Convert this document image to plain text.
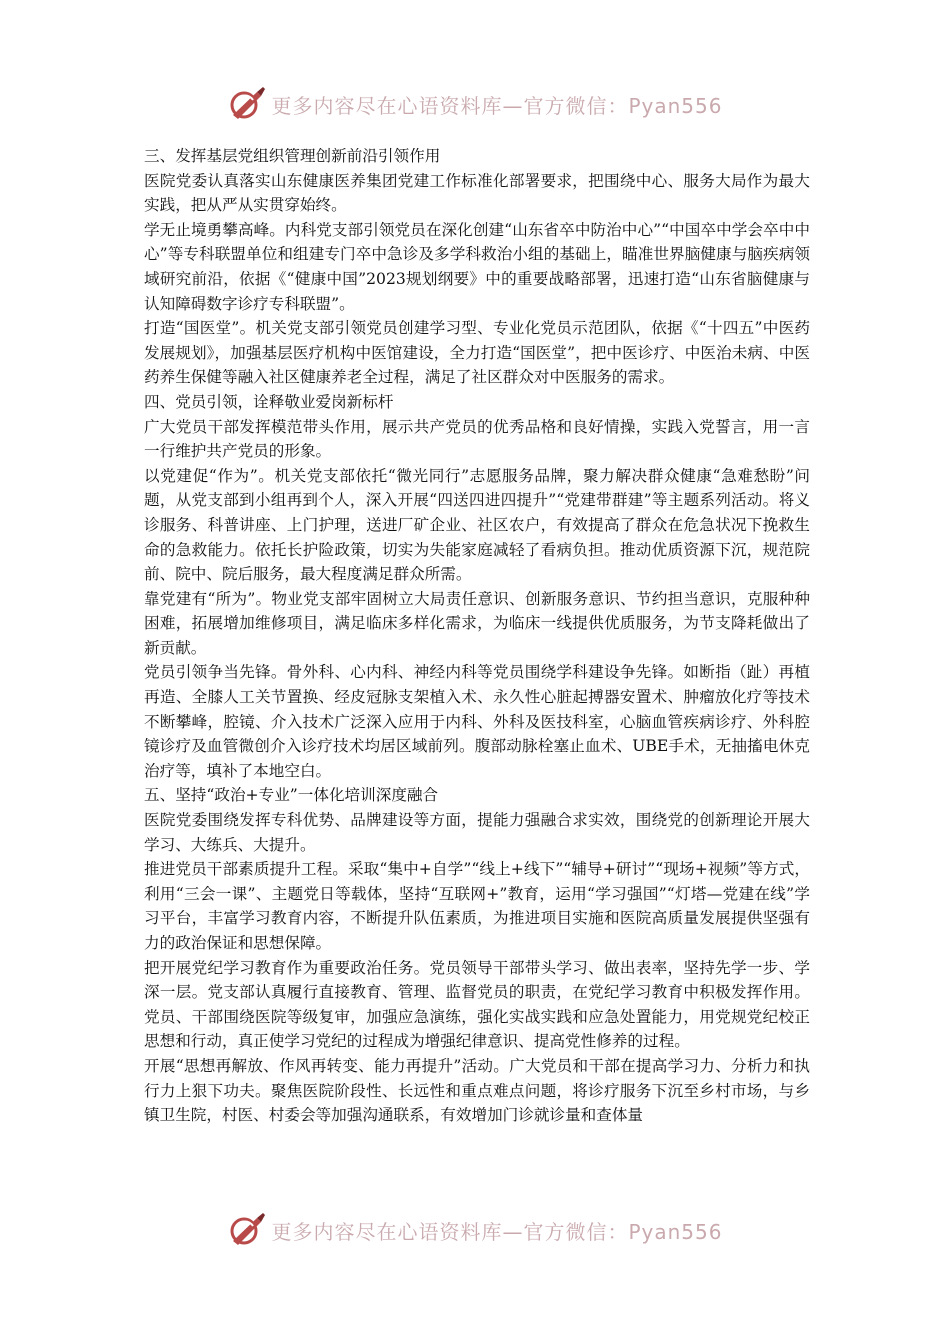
更多内容尽在心语资料库—官方微信：Pyan556

三、发挥基层党组织管理创新前沿引领作用

医院党委认真落实山东健康医养集团党建工作标准化部署要求，把围绕中心、服务大局作为最大实践，把从严从实贯穿始终。

学无止境勇攀高峰。内科党支部引领党员在深化创建“山东省卒中防治中心”“中国卒中学会卒中中心”等专科联盟单位和组建专门卒中急诊及多学科救治小组的基础上，瞄准世界脑健康与脑疾病领域研究前沿，依据《“健康中国”2023规划纲要》中的重要战略部署，迅速打造“山东省脑健康与认知障碍数字诊疗专科联盟”。

打造“国医堂”。机关党支部引领党员创建学习型、专业化党员示范团队，依据《“十四五”中医药发展规划》，加强基层医疗机构中医馆建设，全力打造“国医堂”，把中医诊疗、中医治未病、中医药养生保健等融入社区健康养老全过程，满足了社区群众对中医服务的需求。

四、党员引领，诠释敬业爱岗新标杆

广大党员干部发挥模范带头作用，展示共产党员的优秀品格和良好情操，实践入党誓言，用一言一行维护共产党员的形象。

以党建促“作为”。机关党支部依托“微光同行”志愿服务品牌，聚力解决群众健康“急难愁盼”问题，从党支部到小组再到个人，深入开展“四送四进四提升”“党建带群建”等主题系列活动。将义诊服务、科普讲座、上门护理，送进厂矿企业、社区农户，有效提高了群众在危急状况下挽救生命的急救能力。依托长护险政策，切实为失能家庭减轻了看病负担。推动优质资源下沉，规范院前、院中、院后服务，最大程度满足群众所需。

靠党建有“所为”。物业党支部牢固树立大局责任意识、创新服务意识、节约担当意识，克服种种困难，拓展增加维修项目，满足临床多样化需求，为临床一线提供优质服务，为节支降耗做出了新贡献。

党员引领争当先锋。骨外科、心内科、神经内科等党员围绕学科建设争先锋。如断指（趾）再植再造、全膝人工关节置换、经皮冠脉支架植入术、永久性心脏起搏器安置术、肿瘤放化疗等技术不断攀峰，腔镜、介入技术广泛深入应用于内科、外科及医技科室，心脑血管疾病诊疗、外科腔镜诊疗及血管微创介入诊疗技术均居区域前列。腹部动脉栓塞止血术、UBE手术，无抽搐电休克治疗等，填补了本地空白。

五、坚持“政治+专业”一体化培训深度融合

医院党委围绕发挥专科优势、品牌建设等方面，提能力强融合求实效，围绕党的创新理论开展大学习、大练兵、大提升。

推进党员干部素质提升工程。采取“集中+自学”“线上+线下”“辅导+研讨”“现场+视频”等方式，利用“三会一课”、主题党日等载体，坚持“互联网+”教育，运用“学习强国”“灯塔—党建在线”学习平台，丰富学习教育内容，不断提升队伍素质，为推进项目实施和医院高质量发展提供坚强有力的政治保证和思想保障。

把开展党纪学习教育作为重要政治任务。党员领导干部带头学习、做出表率，坚持先学一步、学深一层。党支部认真履行直接教育、管理、监督党员的职责，在党纪学习教育中积极发挥作用。党员、干部围绕医院等级复审，加强应急演练，强化实战实践和应急处置能力，用党规党纪校正思想和行动，真正使学习党纪的过程成为增强纪律意识、提高党性修养的过程。

开展“思想再解放、作风再转变、能力再提升”活动。广大党员和干部在提高学习力、分析力和执行力上狠下功夫。聚焦医院阶段性、长远性和重点难点问题，将诊疗服务下沉至乡村市场，与乡镇卫生院，村医、村委会等加强沟通联系，有效增加门诊就诊量和查体量

更多内容尽在心语资料库—官方微信：Pyan556
